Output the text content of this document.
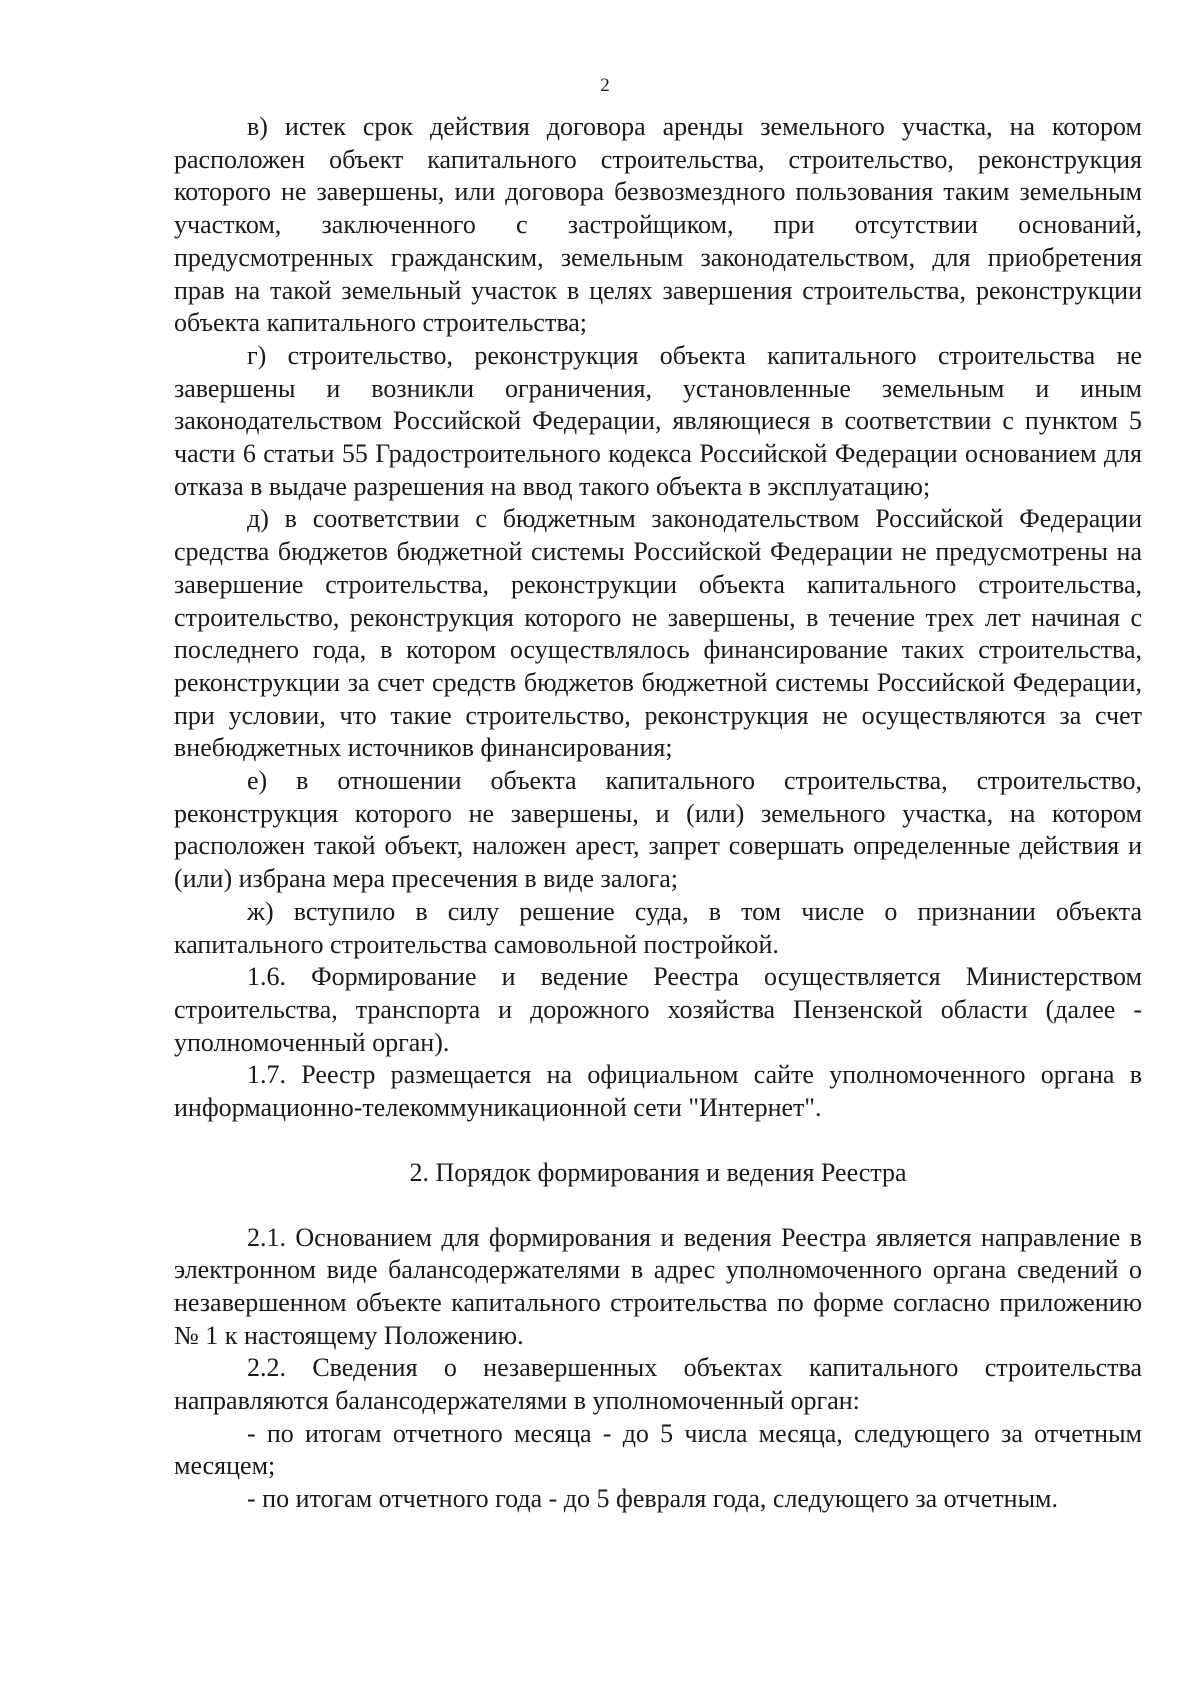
2

в) истек срок действия договора аренды земельного участка, на котором расположен объект капитального строительства, строительство, реконструкция которого не завершены, или договора безвозмездного пользования таким земельным участком, заключенного с застройщиком, при отсутствии оснований, предусмотренных гражданским, земельным законодательством, для приобретения прав на такой земельный участок в целях завершения строительства, реконструкции объекта капитального строительства;

г) строительство, реконструкция объекта капитального строительства не завершены и возникли ограничения, установленные земельным и иным законодательством Российской Федерации, являющиеся в соответствии с пунктом 5 части 6 статьи 55 Градостроительного кодекса Российской Федерации основанием для отказа в выдаче разрешения на ввод такого объекта в эксплуатацию;

д) в соответствии с бюджетным законодательством Российской Федерации средства бюджетов бюджетной системы Российской Федерации не предусмотрены на завершение строительства, реконструкции объекта капитального строительства, строительство, реконструкция которого не завершены, в течение трех лет начиная с последнего года, в котором осуществлялось финансирование таких строительства, реконструкции за счет средств бюджетов бюджетной системы Российской Федерации, при условии, что такие строительство, реконструкция не осуществляются за счет внебюджетных источников финансирования;

е) в отношении объекта капитального строительства, строительство, реконструкция которого не завершены, и (или) земельного участка, на котором расположен такой объект, наложен арест, запрет совершать определенные действия и (или) избрана мера пресечения в виде залога;

ж) вступило в силу решение суда, в том числе о признании объекта капитального строительства самовольной постройкой.

1.6. Формирование и ведение Реестра осуществляется Министерством строительства, транспорта и дорожного хозяйства Пензенской области (далее - уполномоченный орган).

1.7. Реестр размещается на официальном сайте уполномоченного органа в информационно-телекоммуникационной сети "Интернет".

2. Порядок формирования и ведения Реестра

2.1. Основанием для формирования и ведения Реестра является направление в электронном виде балансодержателями в адрес уполномоченного органа сведений о незавершенном объекте капитального строительства по форме согласно приложению № 1 к настоящему Положению.

2.2. Сведения о незавершенных объектах капитального строительства направляются балансодержателями в уполномоченный орган:

- по итогам отчетного месяца - до 5 числа месяца, следующего за отчетным месяцем;

- по итогам отчетного года - до 5 февраля года, следующего за отчетным.
